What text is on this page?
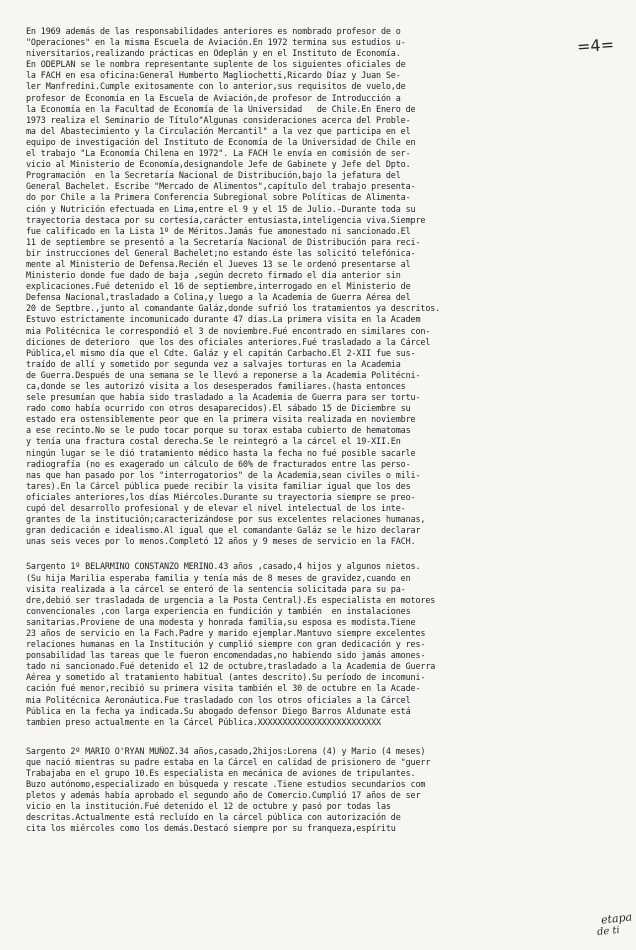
=4=
En 1969 además de las responsabilidades anteriores es nombrado profesor de o
"Operaciones" en la misma Escuela de Aviación.En 1972 termina sus estudios u-
niversitarios,realizando prácticas en Odeplán y en el Instituto de Economía.
En ODEPLAN se le nombra representante suplente de los siguientes oficiales de
la FACH en esa oficina:General Humberto Magliochetti,Ricardo Díaz y Juan Se-
ler Manfredini.Cumple exitosamente con lo anterior,sus requisitos de vuelo,de
profesor de Economía en la Escuela de Aviación,de profesor de Introducción a
la Economía en la Facultad de Economía de la Universidad   de Chile.En Enero de
1973 realiza el Seminario de Título"Algunas consideraciones acerca del Proble-
ma del Abastecimiento y la Circulación Mercantil" a la vez que participa en el
equipo de investigación del Instituto de Economía de la Universidad de Chile en
el trabajo "La Economía Chilena en 1972". La FACH le envía en comisión de ser-
vicio al Ministerio de Economía,designandole Jefe de Gabinete y Jefe del Dpto.
Programación  en la Secretaría Nacional de Distribución,bajo la jefatura del
General Bachelet. Escribe "Mercado de Alimentos",capítulo del trabajo presenta-
do por Chile a la Primera Conferencia Subregional sobre Políticas de Alimenta-
ción y Nutrición efectuada en Lima,entre el 9 y el 15 de Julio.-Durante toda su
trayectoria destaca por su cortesía,carácter entusiasta,inteligencia viva.Siempre
fue calificado en la Lista 1º de Méritos.Jamás fue amonestado ni sancionado.El
11 de septiembre se presentó a la Secretaría Nacional de Distribución para reci-
bir instrucciones del General Bachelet;no estando éste las solicitó telefónica-
mente al Ministerio de Defensa.Recién el Jueves 13 se le ordenó presentarse al
Ministerio donde fue dado de baja ,según decreto firmado el día anterior sin
explicaciones.Fué detenido el 16 de septiembre,interrogado en el Ministerio de
Defensa Nacional,trasladado a Colina,y luego a la Academia de Guerra Aérea del
20 de Septbre.,junto al comandante Galáz,donde sufrió los tratamientos ya descritos.
Estuvo estrictamente incomunicado durante 47 días.La primera visita en la Academ
mia Politécnica le correspondió el 3 de noviembre.Fué encontrado en similares con-
diciones de deterioro  que los des oficiales anteriores.Fué trasladado a la Cárcel
Pública,el mismo día que el Cdte. Galáz y el capitán Carbacho.El 2-XII fue sus-
traído de allí y sometido por segunda vez a salvajes torturas en la Academia
de Guerra.Después de una semana se le llevó a reponerse a la Academia Politécni-
ca,donde se les autorizó visita a los desesperados familiares.(hasta entonces
sele presumían que había sido trasladado a la Academia de Guerra para ser tortu-
rado como había ocurrido con otros desaparecidos).El sábado 15 de Diciembre su
estado era ostensiblemente peor que en la primera visita realizada en noviembre
a ese recinto.No se le pudo tocar porque su torax estaba cubierto de hematomas
y tenía una fractura costal derecha.Se le reintegró a la cárcel el 19-XII.En
ningún lugar se le dió tratamiento médico hasta la fecha no fué posible sacarle
radiografía (no es exagerado un cálculo de 60% de fracturados entre las perso-
nas que han pasado por los "interrogatorios" de la Academia,sean civiles o mili-
tares).En la Cárcel pública puede recibir la visita familiar igual que los des
oficiales anteriores,los días Miércoles.Durante su trayectoria siempre se preo-
cupó del desarrollo profesional y de elevar el nivel intelectual de los inte-
grantes de la institución;caracterizándose por sus excelentes relaciones humanas,
gran dedicación e idealismo.Al igual que el comandante Galáz se le hizo declarar
unas seis veces por lo menos.Completó 12 años y 9 meses de servicio en la FACH.
Sargento 1º BELARMINO CONSTANZO MERINO.43 años ,casado,4 hijos y algunos nietos.
(Su hija Marilia esperaba familia y tenía más de 8 meses de gravidez,cuando en
visita realizada a la cárcel se enteró de la sentencia solicitada para su pa-
dre,debió ser trasladada de urgencia a la Posta Central).Es especialista en motores
convencionales ,con larga experiencia en fundición y también  en instalaciones
sanitarias.Proviene de una modesta y honrada familia,su esposa es modista.Tiene
23 años de servicio en la Fach.Padre y marido ejemplar.Mantuvo siempre excelentes
relaciones humanas en la Institución y cumplió siempre con gran dedicación y res-
ponsabilidad las tareas que le fueron encomendadas,no habiendo sido jamás amones-
tado ni sancionado.Fué detenido el 12 de octubre,trasladado a la Academia de Guerra
Aérea y sometido al tratamiento habitual (antes descrito).Su período de incomuni-
cación fué menor,recibió su primera visita también el 30 de octubre en la Acade-
mia Politécnica Aeronáutica.Fue trasladado con los otros oficiales a la Cárcel
Pública en la fecha ya indicada.Su abogado defensor Diego Barros Aldunate está
tambien preso actualmente en la Cárcel Pública.XXXXXXXXXXXXXXXXXXXXXXXXX
Sargento 2º MARIO O'RYAN MUÑOZ.34 años,casado,2hijos:Lorena (4) y Mario (4 meses)
que nació mientras su padre estaba en la Cárcel en calidad de prisionero de "guerr
Trabajaba en el grupo 10.Es especialista en mecánica de aviones de tripulantes.
Buzo autónomo,especializado en búsqueda y rescate .Tiene estudios secundarios com
pletos y además había aprobado el segundo año de Comercio.Cumplió 17 años de ser
vicio en la institución.Fué detenido el 12 de octubre y pasó por todas las
descritas.Actualmente está recluído en la cárcel pública con autorización de
cita los miércoles como los demás.Destacó siempre por su franqueza,espíritu
etapa
de ti
